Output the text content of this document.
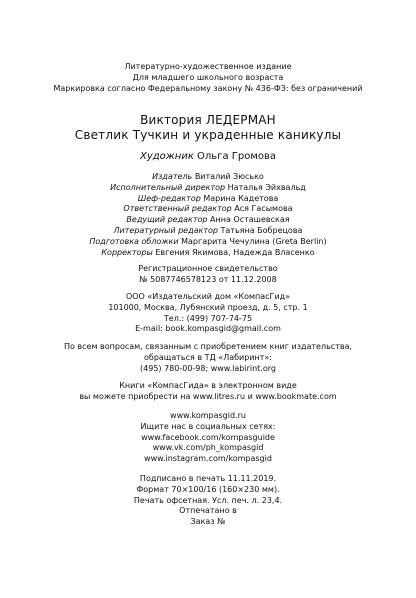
Литературно-художественное издание
Для младшего школьного возраста
Маркировка согласно Федеральному закону № 436-ФЗ: без ограничений
Виктория ЛЕДЕРМАН
Светлик Тучкин и украденные каникулы
Художник Ольга Громова
Издатель Виталий Зюсько
Исполнительный директор Наталья Эйхвальд
Шеф-редактор Марина Кадетова
Ответственный редактор Ася Гасымова
Ведущий редактор Анна Осташевская
Литературный редактор Татьяна Бобрецова
Подготовка обложки Маргарита Чечулина (Greta Berlin)
Корректоры Евгения Якимова, Надежда Власенко
Регистрационное свидетельство
№ 5087746578123 от 11.12.2008
ООО «Издательский дом «КомпасГид»
101000, Москва, Лубянский проезд, д. 5, стр. 1
Тел.: (499) 707-74-75
E-mail: book.kompasgid@gmail.com
По всем вопросам, связанным с приобретением книг издательства,
обращаться в ТД «Лабиринт»:
(495) 780-00-98; www.labirint.org
Книги «КомпасГида» в электронном виде
вы можете приобрести на www.litres.ru и www.bookmate.com
www.kompasgid.ru
Ищите нас в социальных сетях:
www.facebook.com/kompasguide
www.vk.com/ph_kompasgid
www.instagram.com/kompasgid
Подписано в печать 11.11.2019.
Формат 70×100/16 (160×230 мм).
Печать офсетная. Усл. печ. л. 23,4.
Отпечатано в
Заказ №
